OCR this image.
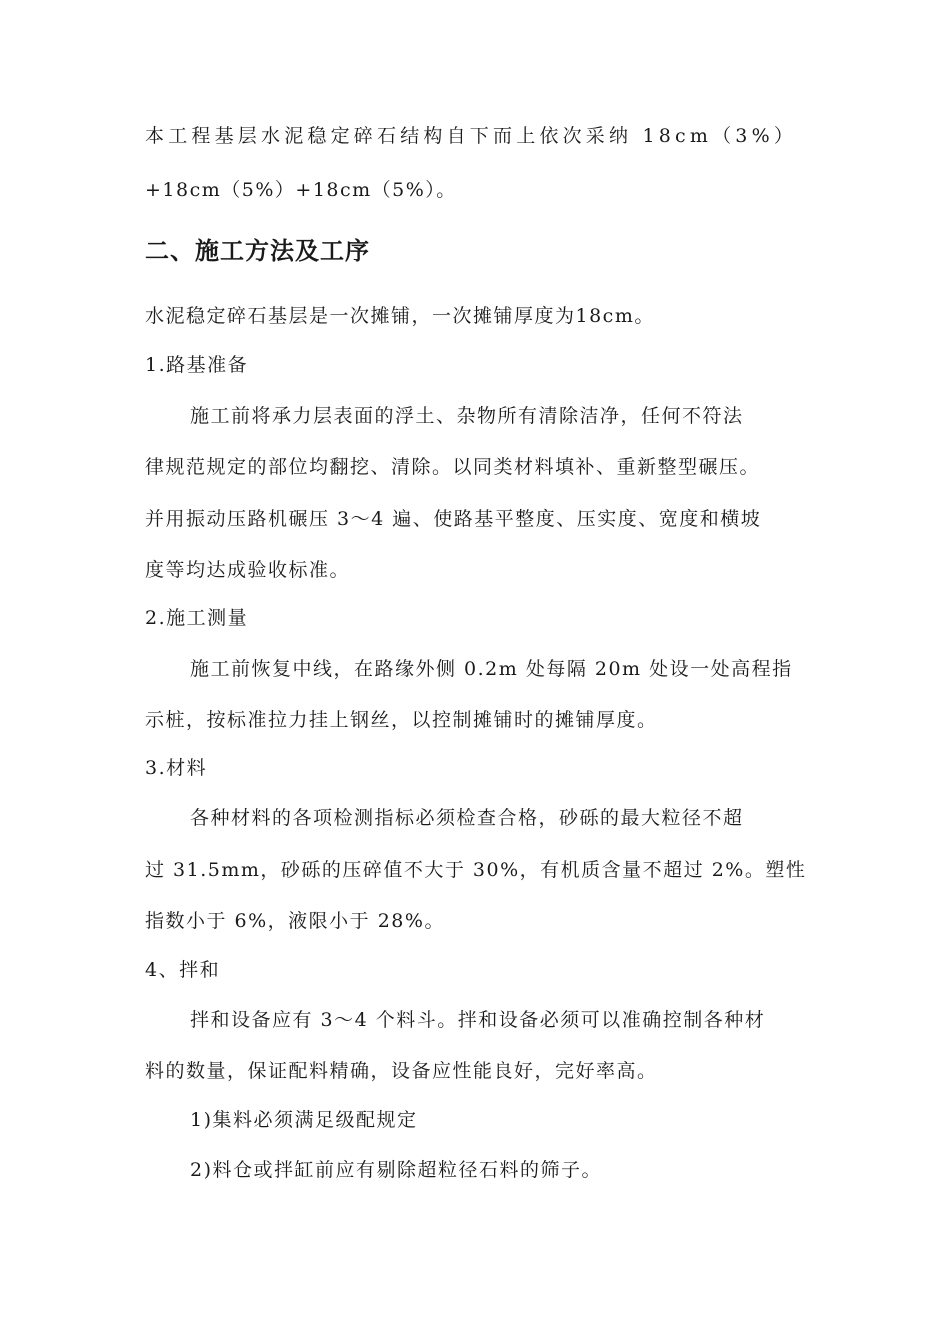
本工程基层水泥稳定碎石结构自下而上依次采纳 18cm（3%）
+18cm（5%）+18cm（5%）。
二、施工方法及工序
水泥稳定碎石基层是一次摊铺，一次摊铺厚度为18cm。
1.路基准备
施工前将承力层表面的浮土、杂物所有清除洁净，任何不符法
律规范规定的部位均翻挖、清除。以同类材料填补、重新整型碾压。
并用振动压路机碾压 3～4 遍、使路基平整度、压实度、宽度和横坡
度等均达成验收标准。
2.施工测量
施工前恢复中线，在路缘外侧 0.2m 处每隔 20m 处设一处高程指
示桩，按标准拉力挂上钢丝，以控制摊铺时的摊铺厚度。
3.材料
各种材料的各项检测指标必须检查合格，砂砾的最大粒径不超
过 31.5mm，砂砾的压碎值不大于 30%，有机质含量不超过 2%。塑性
指数小于 6%，液限小于 28%。
4、拌和
拌和设备应有 3～4 个料斗。拌和设备必须可以准确控制各种材
料的数量，保证配料精确，设备应性能良好，完好率高。
1)集料必须满足级配规定
2)料仓或拌缸前应有剔除超粒径石料的筛子。
